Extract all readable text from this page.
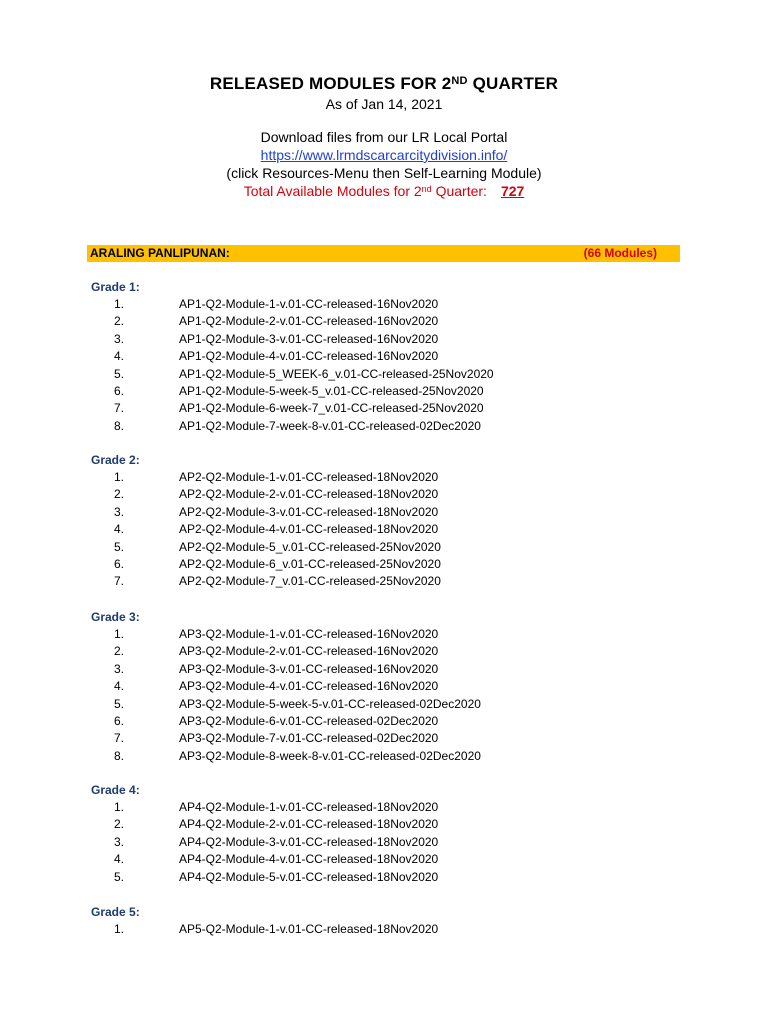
RELEASED MODULES FOR 2ND QUARTER
As of Jan 14, 2021
Download files from our LR Local Portal
https://www.lrmdscarcarcitydivision.info/
(click Resources-Menu then Self-Learning Module)
Total Available Modules for 2nd Quarter: 727
ARALING PANLIPUNAN:	(66 Modules)
Grade 1:
1.	AP1-Q2-Module-1-v.01-CC-released-16Nov2020
2.	AP1-Q2-Module-2-v.01-CC-released-16Nov2020
3.	AP1-Q2-Module-3-v.01-CC-released-16Nov2020
4.	AP1-Q2-Module-4-v.01-CC-released-16Nov2020
5.	AP1-Q2-Module-5_WEEK-6_v.01-CC-released-25Nov2020
6.	AP1-Q2-Module-5-week-5_v.01-CC-released-25Nov2020
7.	AP1-Q2-Module-6-week-7_v.01-CC-released-25Nov2020
8.	AP1-Q2-Module-7-week-8-v.01-CC-released-02Dec2020
Grade 2:
1.	AP2-Q2-Module-1-v.01-CC-released-18Nov2020
2.	AP2-Q2-Module-2-v.01-CC-released-18Nov2020
3.	AP2-Q2-Module-3-v.01-CC-released-18Nov2020
4.	AP2-Q2-Module-4-v.01-CC-released-18Nov2020
5.	AP2-Q2-Module-5_v.01-CC-released-25Nov2020
6.	AP2-Q2-Module-6_v.01-CC-released-25Nov2020
7.	AP2-Q2-Module-7_v.01-CC-released-25Nov2020
Grade 3:
1.	AP3-Q2-Module-1-v.01-CC-released-16Nov2020
2.	AP3-Q2-Module-2-v.01-CC-released-16Nov2020
3.	AP3-Q2-Module-3-v.01-CC-released-16Nov2020
4.	AP3-Q2-Module-4-v.01-CC-released-16Nov2020
5.	AP3-Q2-Module-5-week-5-v.01-CC-released-02Dec2020
6.	AP3-Q2-Module-6-v.01-CC-released-02Dec2020
7.	AP3-Q2-Module-7-v.01-CC-released-02Dec2020
8.	AP3-Q2-Module-8-week-8-v.01-CC-released-02Dec2020
Grade 4:
1.	AP4-Q2-Module-1-v.01-CC-released-18Nov2020
2.	AP4-Q2-Module-2-v.01-CC-released-18Nov2020
3.	AP4-Q2-Module-3-v.01-CC-released-18Nov2020
4.	AP4-Q2-Module-4-v.01-CC-released-18Nov2020
5.	AP4-Q2-Module-5-v.01-CC-released-18Nov2020
Grade 5:
1.	AP5-Q2-Module-1-v.01-CC-released-18Nov2020
